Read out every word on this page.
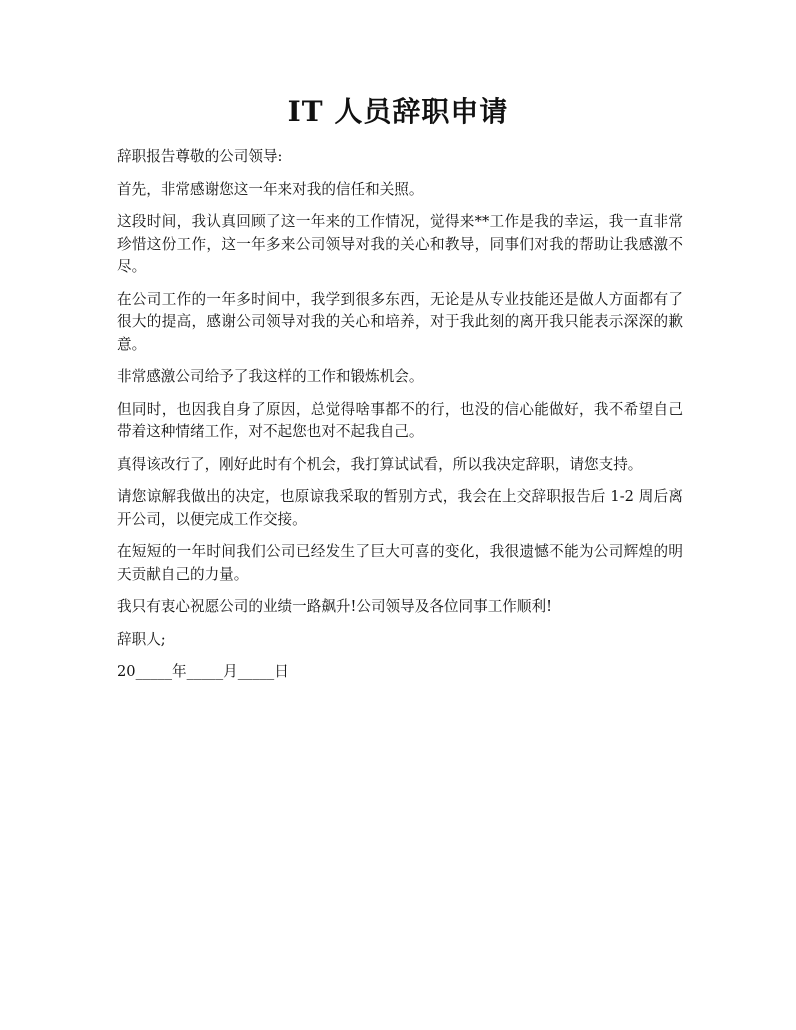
IT 人员辞职申请

辞职报告尊敬的公司领导:

首先，非常感谢您这一年来对我的信任和关照。

这段时间，我认真回顾了这一年来的工作情况，觉得来**工作是我的幸运，我一直非常珍惜这份工作，这一年多来公司领导对我的关心和教导，同事们对我的帮助让我感激不尽。

在公司工作的一年多时间中，我学到很多东西，无论是从专业技能还是做人方面都有了很大的提高，感谢公司领导对我的关心和培养，对于我此刻的离开我只能表示深深的歉意。

非常感激公司给予了我这样的工作和锻炼机会。

但同时，也因我自身了原因，总觉得啥事都不的行，也没的信心能做好，我不希望自己带着这种情绪工作，对不起您也对不起我自己。

真得该改行了，刚好此时有个机会，我打算试试看，所以我决定辞职，请您支持。

请您谅解我做出的决定，也原谅我采取的暂别方式，我会在上交辞职报告后 1-2 周后离开公司，以便完成工作交接。

在短短的一年时间我们公司已经发生了巨大可喜的变化，我很遗憾不能为公司辉煌的明天贡献自己的力量。

我只有衷心祝愿公司的业绩一路飙升!公司领导及各位同事工作顺利!

辞职人;

20_____年_____月_____日
